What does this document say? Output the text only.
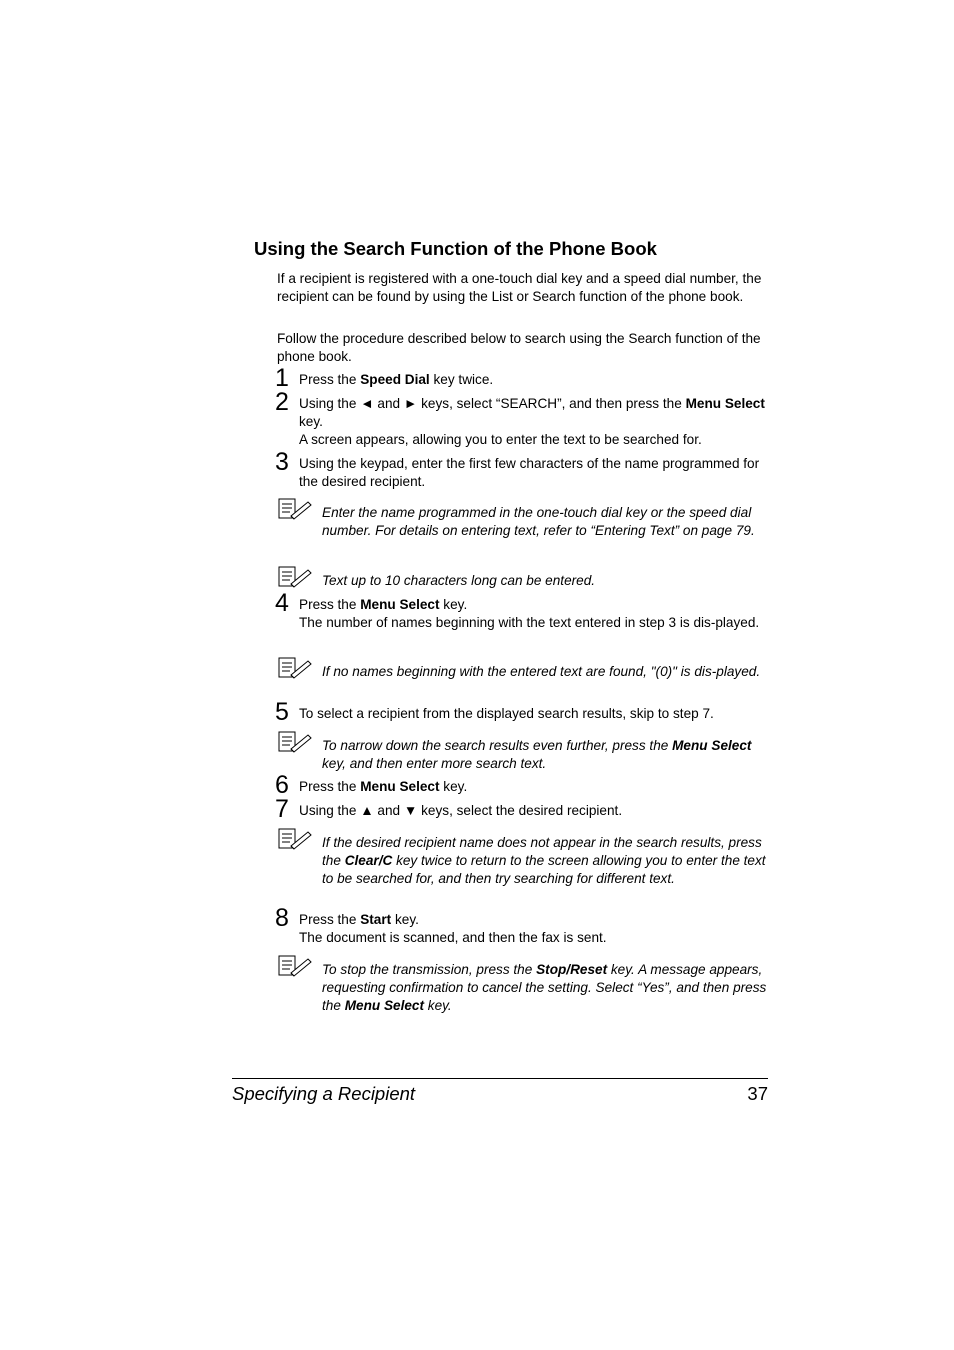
Using the Search Function of the Phone Book
If a recipient is registered with a one-touch dial key and a speed dial number, the recipient can be found by using the List or Search function of the phone book.
Follow the procedure described below to search using the Search function of the phone book.
1 Press the Speed Dial key twice.
2 Using the ◄ and ► keys, select “SEARCH”, and then press the Menu Select key.
A screen appears, allowing you to enter the text to be searched for.
3 Using the keypad, enter the first few characters of the name programmed for the desired recipient.
Enter the name programmed in the one-touch dial key or the speed dial number. For details on entering text, refer to “Entering Text” on page 79.
Text up to 10 characters long can be entered.
4 Press the Menu Select key.
The number of names beginning with the text entered in step 3 is dis-played.
If no names beginning with the entered text are found, "(0)" is dis-played.
5 To select a recipient from the displayed search results, skip to step 7.
To narrow down the search results even further, press the Menu Select key, and then enter more search text.
6 Press the Menu Select key.
7 Using the ▲ and ▼ keys, select the desired recipient.
If the desired recipient name does not appear in the search results, press the Clear/C key twice to return to the screen allowing you to enter the text to be searched for, and then try searching for different text.
8 Press the Start key.
The document is scanned, and then the fax is sent.
To stop the transmission, press the Stop/Reset key. A message appears, requesting confirmation to cancel the setting. Select “Yes”, and then press the Menu Select key.
Specifying a Recipient	37
